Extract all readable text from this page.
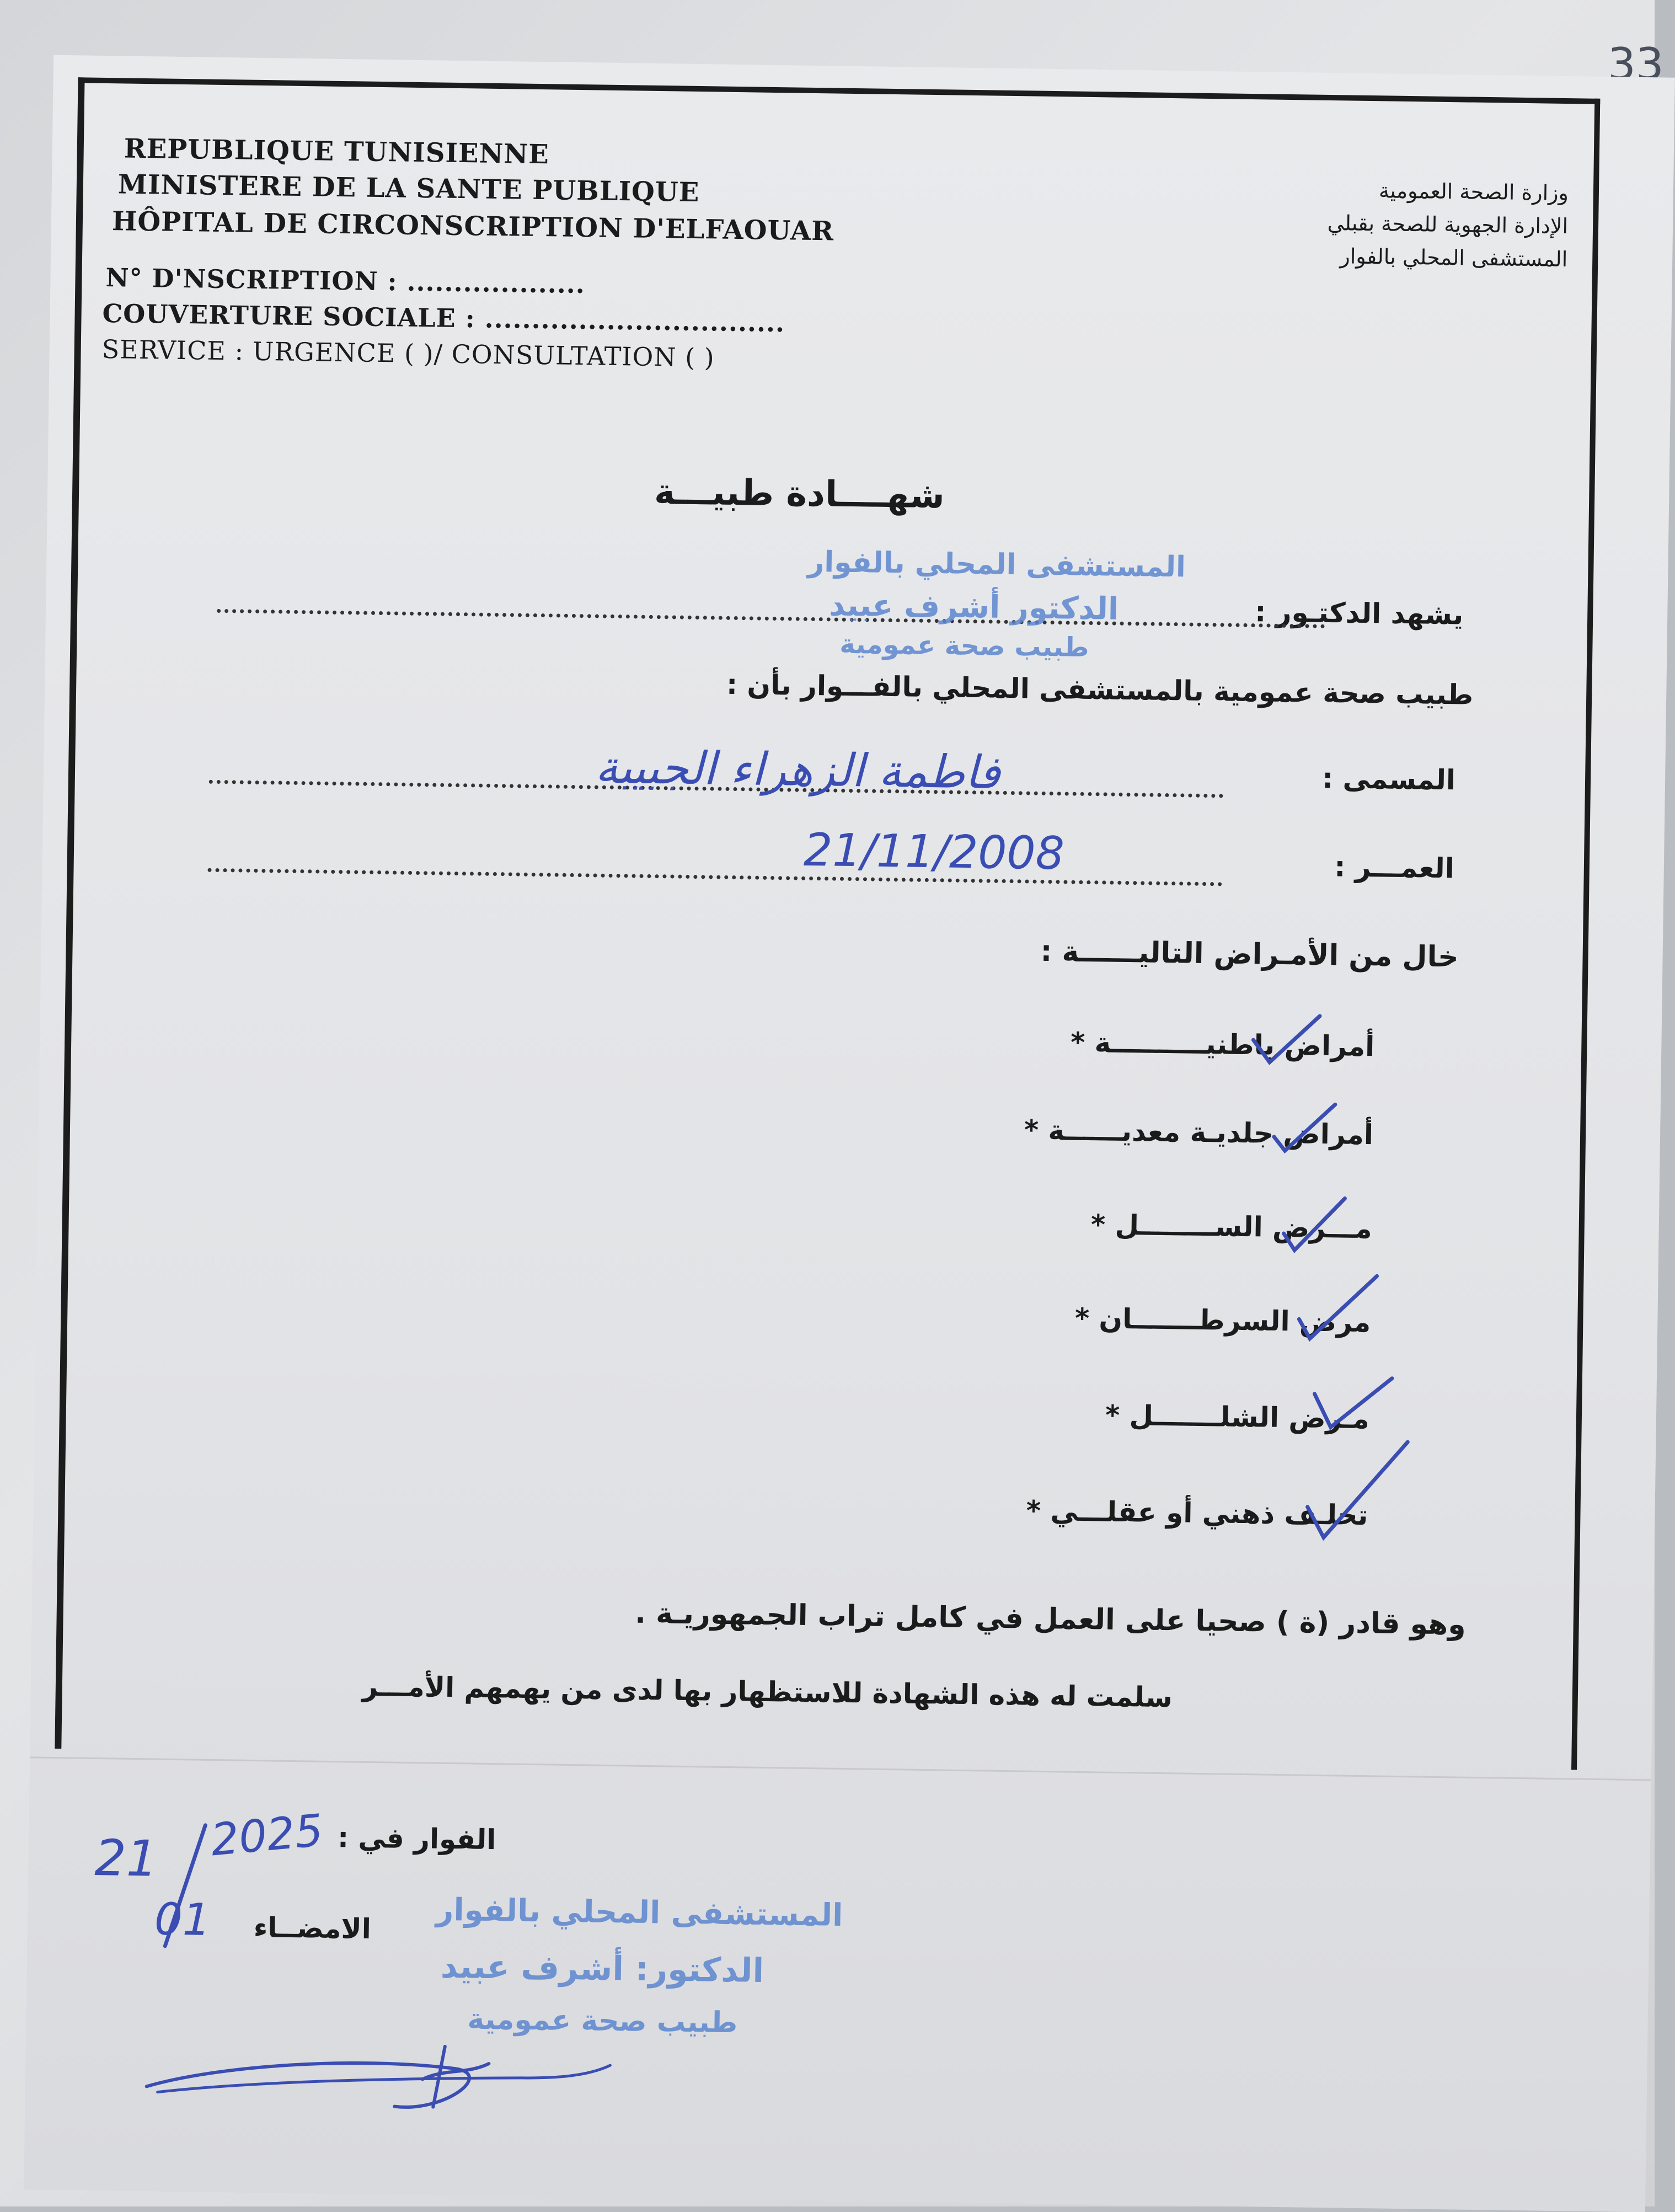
33
REPUBLIQUE TUNISIENNE
MINISTERE DE LA SANTE PUBLIQUE
HÔPITAL DE CIRCONSCRIPTION D'ELFAOUAR
وزارة الصحة العمومية
الإدارة الجهوية للصحة بقبلي
المستشفى المحلي بالفوار
N° D'NSCRIPTION : ...................
COUVERTURE SOCIALE : ................................
SERVICE : URGENCE ( )/ CONSULTATION ( )
شهــــادة طبيـــة
يشهد الدكتـور :
المستشفى المحلي بالفوار
الدكتور أشرف عبيد
طبيب صحة عمومية
طبيب صحة عمومية بالمستشفى المحلي بالفـــوار بأن :
المسمى :
فاطمة الزهراء الجبيبة
العمـــر :
21/11/2008
خال من الأمـراض التاليــــــة :
أمراض باطنيــــــــــة *
أمراض جلديـة معديــــــة *
مـــرض الســــــــل *
مرض السرطـــــــان *
مـرض الشلـــــــل *
تخلـف ذهني أو عقلـــي *
وهو قادر (ة ) صحيا على العمل في كامل تراب الجمهوريـة .
سلمت له هذه الشهادة للاستظهار بها لدى من يهمهم الأمـــر
الفوار في :
2025
21
01 الامضــاء المستشفى المحلي بالفوار
الدكتور: أشرف عبيد
طبيب صحة عمومية
